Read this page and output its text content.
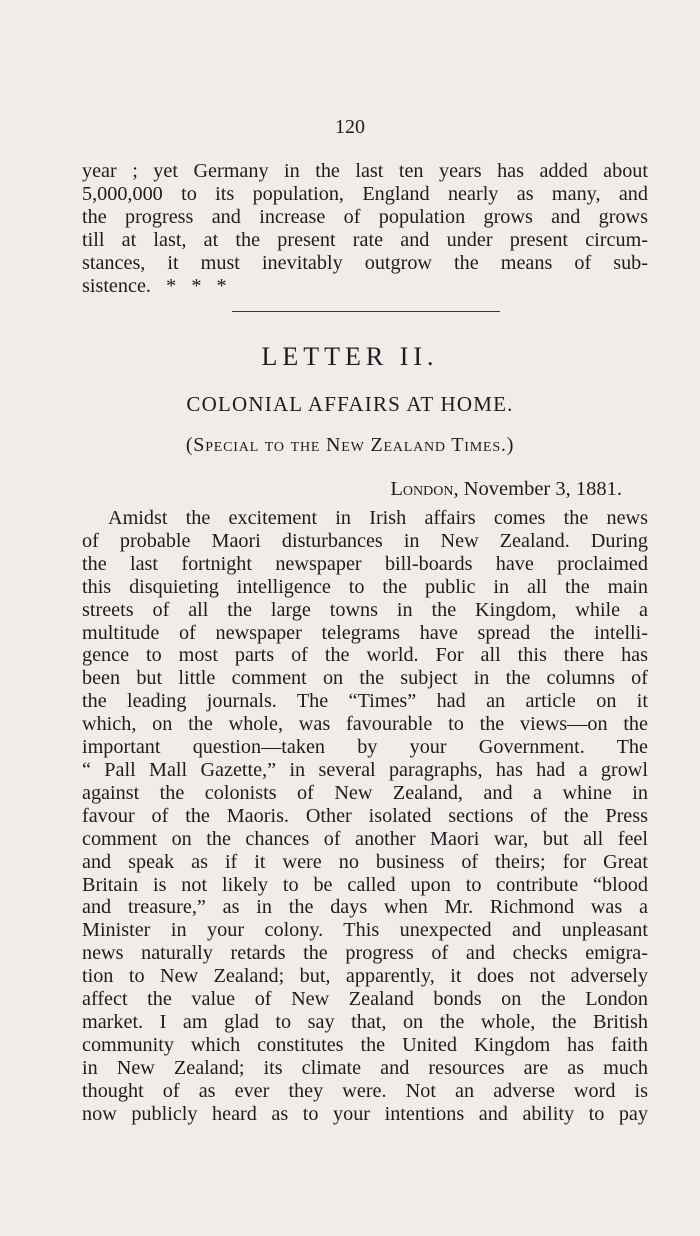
120
year ; yet Germany in the last ten years has added about
5,000,000 to its population, England nearly as many, and
the progress and increase of population grows and grows
till at last, at the present rate and under present circum-
stances, it must inevitably outgrow the means of sub-
sistence.   *   *   *
LETTER II.
COLONIAL AFFAIRS AT HOME.
(Special to the New Zealand Times.)
London, November 3, 1881.
Amidst the excitement in Irish affairs comes the news
of probable Maori disturbances in New Zealand. During
the last fortnight newspaper bill-boards have proclaimed
this disquieting intelligence to the public in all the main
streets of all the large towns in the Kingdom, while a
multitude of newspaper telegrams have spread the intelli-
gence to most parts of the world. For all this there has
been but little comment on the subject in the columns of
the leading journals. The “Times” had an article on it
which, on the whole, was favourable to the views—on the
important question—taken by your Government. The
“ Pall Mall Gazette,” in several paragraphs, has had a growl
against the colonists of New Zealand, and a whine in
favour of the Maoris. Other isolated sections of the Press
comment on the chances of another Maori war, but all feel
and speak as if it were no business of theirs; for Great
Britain is not likely to be called upon to contribute “blood
and treasure,” as in the days when Mr. Richmond was a
Minister in your colony. This unexpected and unpleasant
news naturally retards the progress of and checks emigra-
tion to New Zealand; but, apparently, it does not adversely
affect the value of New Zealand bonds on the London
market. I am glad to say that, on the whole, the British
community which constitutes the United Kingdom has faith
in New Zealand; its climate and resources are as much
thought of as ever they were. Not an adverse word is
now publicly heard as to your intentions and ability to pay
